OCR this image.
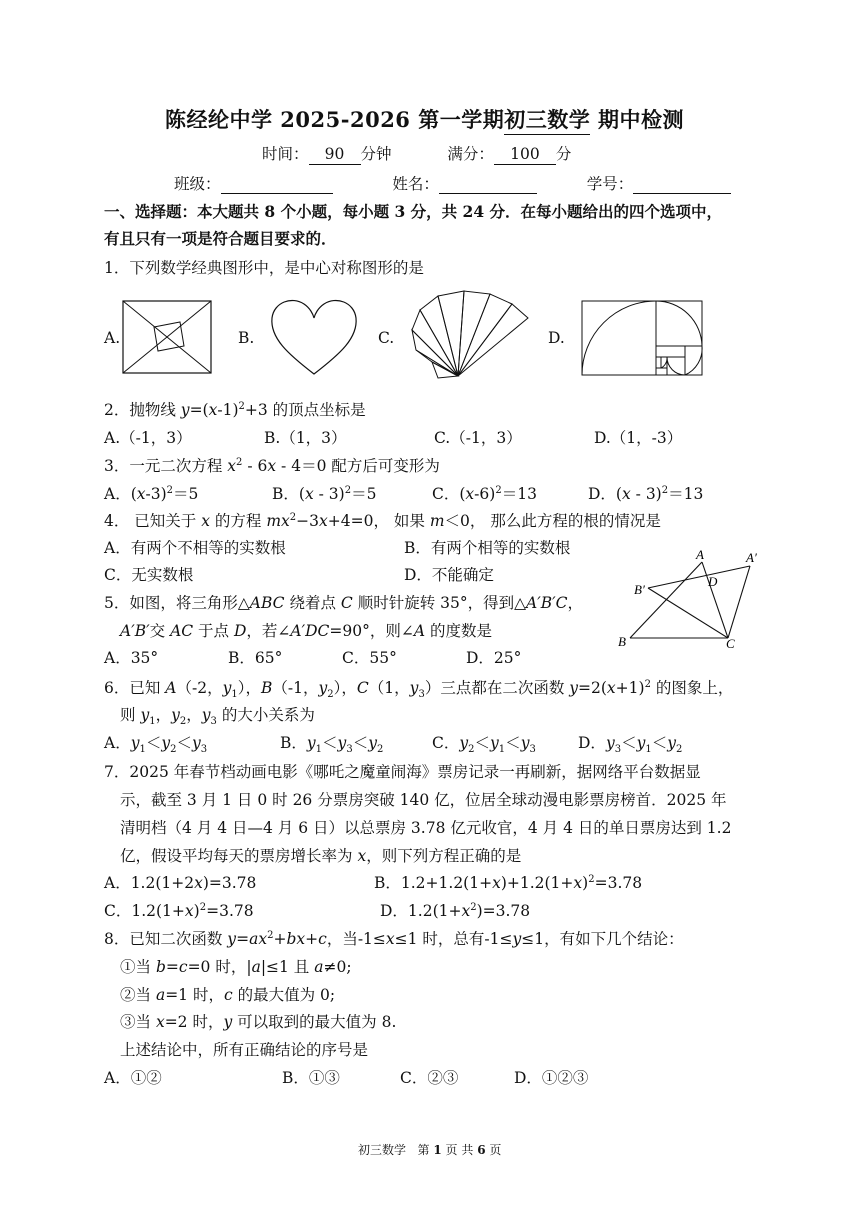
陈经纶中学 2025-2026 第一学期初三数学 期中检测
时间： 90 分钟	满分： 100 分
班级：	姓名：	学号：
一、选择题：本大题共 8 个小题，每小题 3 分，共 24 分．在每小题给出的四个选项中，
有且只有一项是符合题目要求的．
1．下列数学经典图形中，是中心对称图形的是
A.	B.	C.	D.
2．抛物线 $y=(x-1)^2+3$ 的顶点坐标是
A.（-1，3）	B.（1，3）	C.（-1，3）	D.（1，-3）
3．一元二次方程 $x^2 - 6x - 4=0$ 配方后可变形为
A．$(x-3)^2=5$	B．(x - 3)$^2$＝5	C．$(x-6)^2=13$	D．(x - 3)$^2$＝13
4． 已知关于 x 的方程 $mx^2-3x+4=0$， 如果 m＜0， 那么此方程的根的情况是
A．有两个不相等的实数根	B．有两个相等的实数根
C．无实数根	D．不能确定
A	A′
B′
D
B	C
5．如图，将三角形△ABC 绕着点 C 顺时针旋转 35°，得到△A′B′C，
A′B′交 AC 于点 D，若∠A′DC=90°，则∠A 的度数是
A．35°	B．65°	C．55°	D．25°
6．已知 A（-2，$y_1$），B（-1，$y_2$），C（1，$y_3$）三点都在二次函数 $y=2(x+1)^2$ 的图象上，
则 $y_1$，$y_2$，$y_3$ 的大小关系为
A．$y_1<y_2<y_3$	B．$y_1<y_3<y_2$	C．$y_2<y_1<y_3$	D．$y_3<y_1<y_2$
7．2025 年春节档动画电影《哪吒之魔童闹海》票房记录一再刷新，据网络平台数据显
示，截至 3 月 1 日 0 时 26 分票房突破 140 亿，位居全球动漫电影票房榜首．2025 年
清明档（4 月 4 日—4 月 6 日）以总票房 3.78 亿元收官，4 月 4 日的单日票房达到 1.2
亿，假设平均每天的票房增长率为 x，则下列方程正确的是
A．1.2(1+2x)=3.78	B．$1.2+1.2(1+x)+1.2(1+x)^2=3.78$
C．$1.2(1+x)^2=3.78$	D．$1.2(1+x^2)=3.78$
8．已知二次函数 $y=ax^2+bx+c$，当-1≤x≤1 时，总有-1≤y≤1，有如下几个结论：
①当 b=c=0 时，|a|≤1 且 a≠0;
②当 a=1 时，c 的最大值为 0;
③当 x=2 时，y 可以取到的最大值为 8.
上述结论中，所有正确结论的序号是
A．①②	B．①③	C．②③	D．①②③
初三数学 第 1 页 共 6 页
